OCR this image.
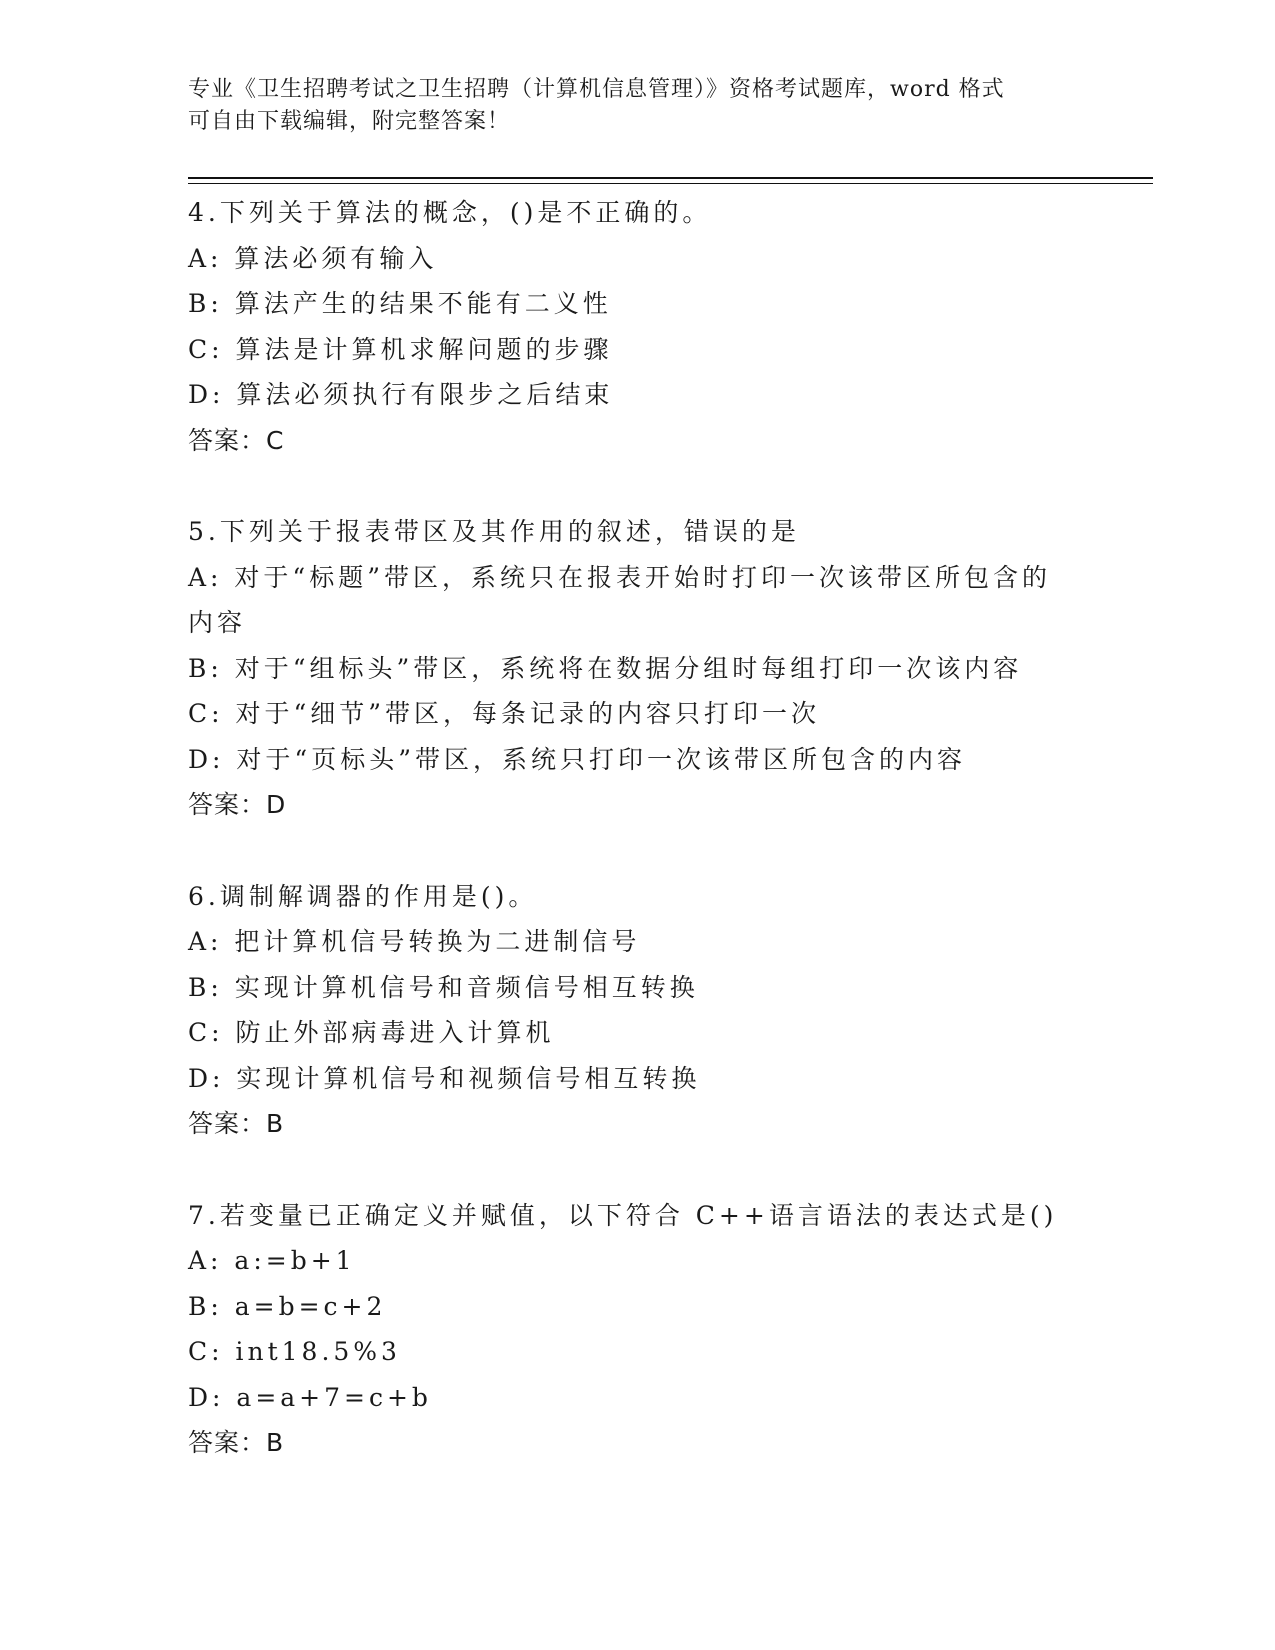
专业《卫生招聘考试之卫生招聘（计算机信息管理）》资格考试题库，word 格式
可自由下载编辑，附完整答案！
4.下列关于算法的概念，()是不正确的。
A: 算法必须有输入
B: 算法产生的结果不能有二义性
C: 算法是计算机求解问题的步骤
D: 算法必须执行有限步之后结束
答案：C
5.下列关于报表带区及其作用的叙述，错误的是
A: 对于“标题”带区，系统只在报表开始时打印一次该带区所包含的内容
B: 对于“组标头”带区，系统将在数据分组时每组打印一次该内容
C: 对于“细节”带区，每条记录的内容只打印一次
D: 对于“页标头”带区，系统只打印一次该带区所包含的内容
答案：D
6.调制解调器的作用是()。
A: 把计算机信号转换为二进制信号
B: 实现计算机信号和音频信号相互转换
C: 防止外部病毒进入计算机
D: 实现计算机信号和视频信号相互转换
答案：B
7.若变量已正确定义并赋值，以下符合 C++语言语法的表达式是()
A: a:=b+1
B: a=b=c+2
C: int18.5%3
D: a=a+7=c+b
答案：B
